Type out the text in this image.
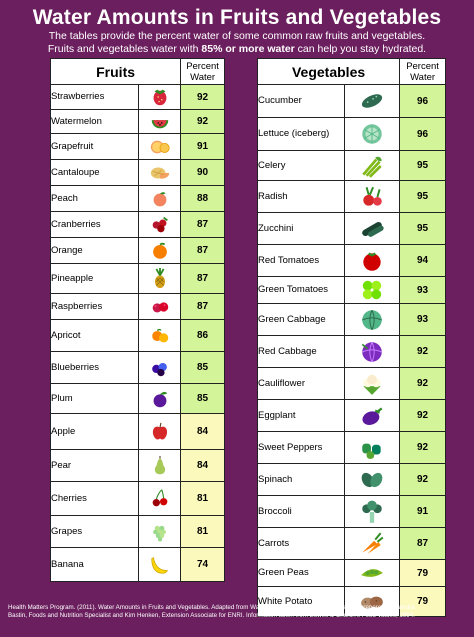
Water Amounts in Fruits and Vegetables
The tables provide the percent water of some common raw fruits and vegetables.
Fruits and vegetables water with 85% or more water can help you stay hydrated.
Fruits		Percent
Water

Strawberries		92
Watermelon		92
Grapefruit		91
Cantaloupe		90
Peach		88
Cranberries		87
Orange		87
Pineapple		87
Raspberries		87
Apricot		86
Blueberries		85
Plum		85
Apple		84
Pear		84
Cherries		81
Grapes		81
Banana		74
Vegetables		Percent
Water

Cucumber		96
Lettuce (iceberg)		96
Celery		95
Radish		95
Zucchini		95
Red Tomatoes		94
Green Tomatoes		93
Green Cabbage		93
Red Cabbage		92
Cauliflower		92
Eggplant		92
Sweet Peppers		92
Spinach		92
Broccoli		91
Carrots		87
Green Peas		79
White Potato		79
Health Matters Program. (2011). Water Amounts in Fruits and Vegetables. Adapted from Water Content of Fruits and Vegetables prepared by Sandra
Bastin, Foods and Nutrition Specialist and Kim Henken, Extension Associate for ENRI. Information taken from Bowes & Church's Food Values, 1994.
